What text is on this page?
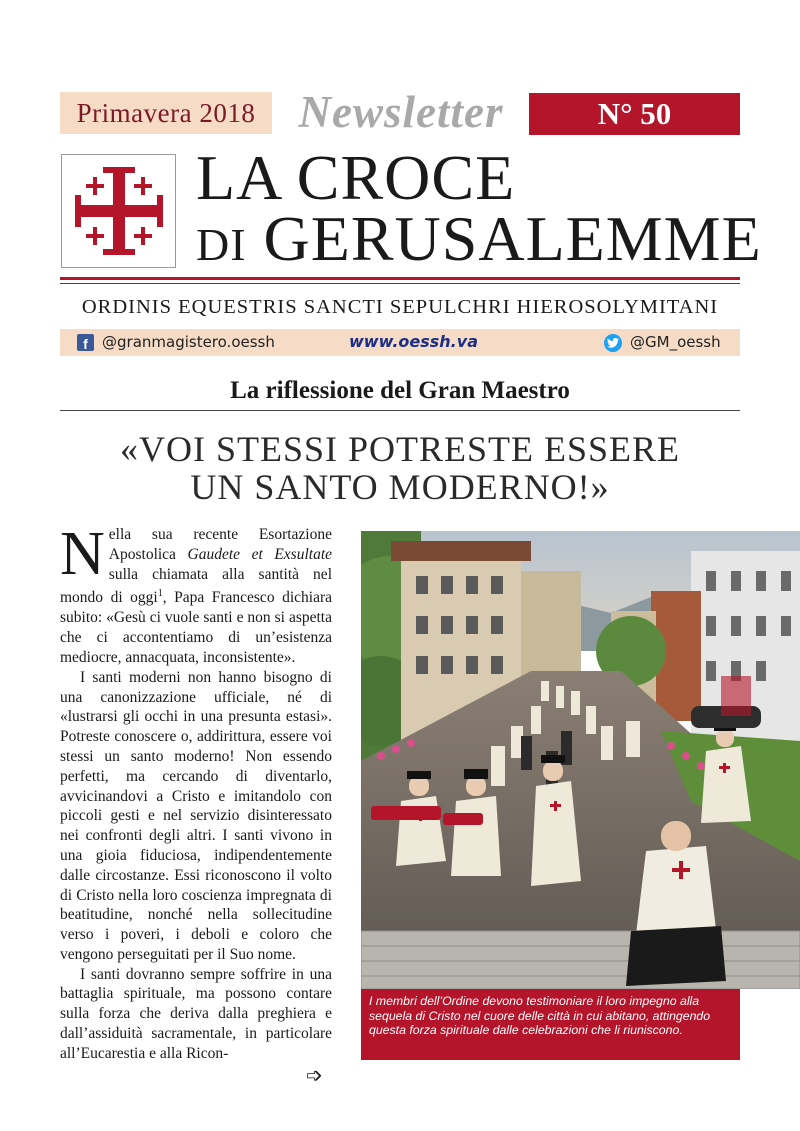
Primavera 2018 Newsletter	N° 50
LA CROCE
DI GERUSALEMME
ORDINIS EQUESTRIS SANCTI SEPULCHRI HIEROSOLYMITANI
f @granmagistero.oessh	www.oessh.va	@GM_oessh
La riflessione del Gran Maestro
«VOI STESSI POTRESTE ESSERE
UN SANTO MODERNO!»

Nella sua recente Esortazione Apostolica Gaudete et Exsultate sulla chiamata alla santità nel mondo di oggi$^1$, Papa Francesco dichiara subito: «Gesù ci vuole santi e non si aspetta che ci accontentiamo di un’esistenza mediocre, annacquata, inconsistente».

I santi moderni non hanno bisogno di una canonizzazione ufficiale, né di «lustrarsi gli occhi in una presunta estasi». Potreste conoscere o, addirittura, essere voi stessi un santo moderno! Non essendo perfetti, ma cercando di diventarlo, avvicinandovi a Cristo e imitandolo con piccoli gesti e nel servizio disinteressato nei confronti degli altri. I santi vivono in una gioia fiduciosa, indipendentemente dalle circostanze. Essi riconoscono il volto di Cristo nella loro coscienza impregnata di beatitudine, nonché nella sollecitudine verso i poveri, i deboli e coloro che vengono perseguitati per il Suo nome.

I santi dovranno sempre soffrire in una battaglia spirituale, ma possono contare sulla forza che deriva dalla preghiera e dall’assiduità sacramentale, in particolare all’Eucarestia e alla Ricon-

➩
I membri dell’Ordine devono testimoniare il loro impegno alla sequela di Cristo nel cuore delle città in cui abitano, attingendo questa forza spirituale dalle celebrazioni che li riuniscono.
